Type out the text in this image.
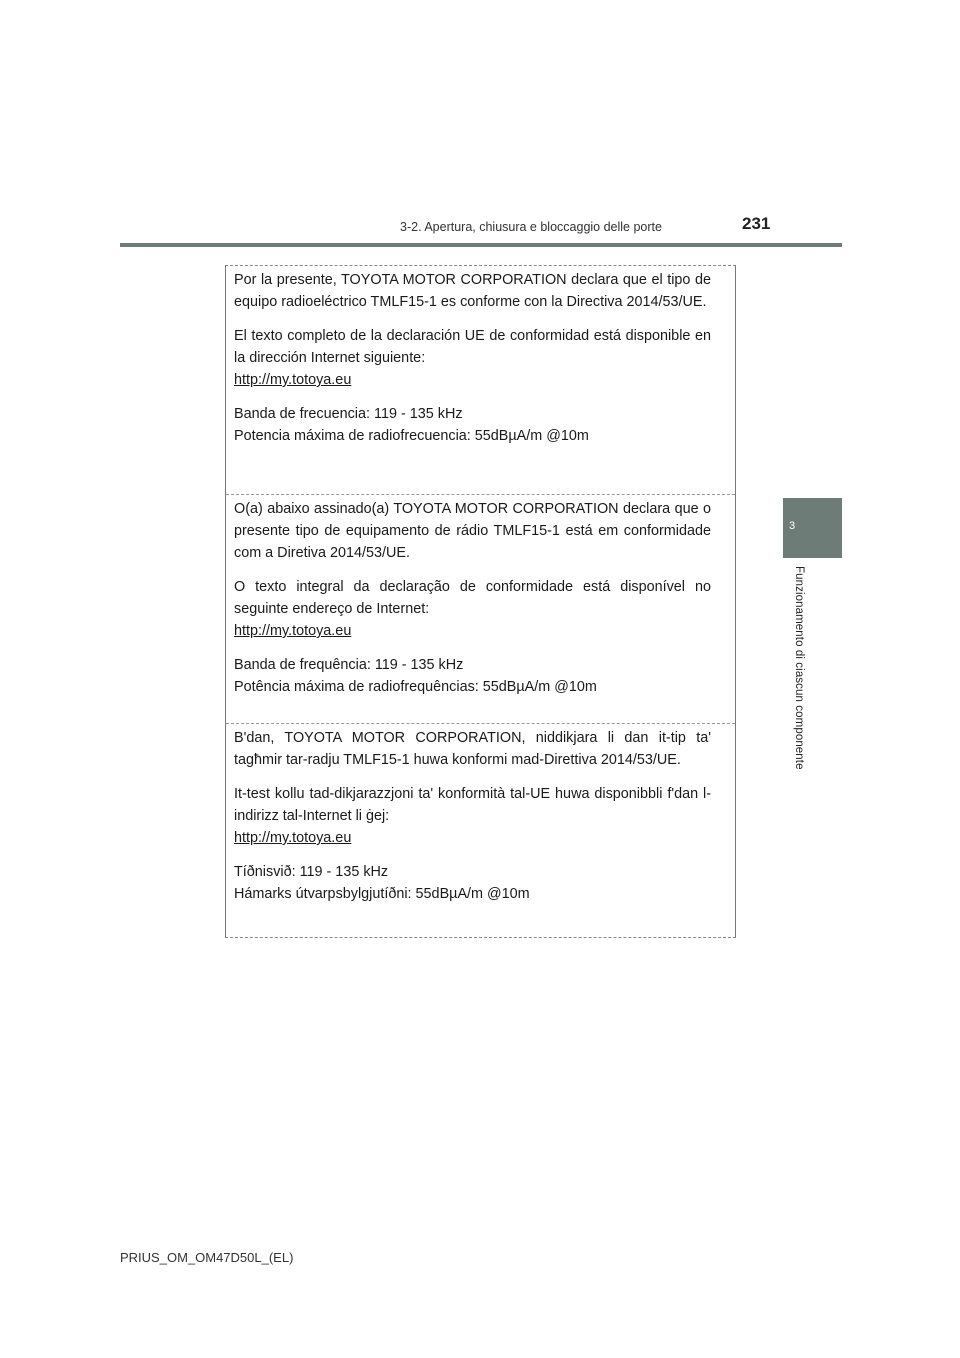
3-2. Apertura, chiusura e bloccaggio delle porte	231
3
Funzionamento di ciascun componente

Por la presente, TOYOTA MOTOR CORPORATION declara que el tipo de equipo radioeléctrico TMLF15-1 es conforme con la Directiva 2014/53/UE.

El texto completo de la declaración UE de conformidad está disponible en la dirección Internet siguiente:

http://my.totoya.eu

Banda de frecuencia: 119 - 135 kHz

Potencia máxima de radiofrecuencia: 55dBµA/m @10m

O(a) abaixo assinado(a) TOYOTA MOTOR CORPORATION declara que o presente tipo de equipamento de rádio TMLF15-1 está em conformidade com a Diretiva 2014/53/UE.

O texto integral da declaração de conformidade está disponível no seguinte endereço de Internet:

http://my.totoya.eu

Banda de frequência: 119 - 135 kHz

Potência máxima de radiofrequências: 55dBµA/m @10m

B'dan, TOYOTA MOTOR CORPORATION, niddikjara li dan it-tip ta' tagħmir tar-radju TMLF15-1 huwa konformi mad-Direttiva 2014/53/UE.

It-test kollu tad-dikjarazzjoni ta' konformità tal-UE huwa disponibbli f'dan l-indirizz tal-Internet li ġej:

http://my.totoya.eu

Tíðnisvið: 119 - 135 kHz

Hámarks útvarpsbylgjutíðni: 55dBµA/m @10m

PRIUS_OM_OM47D50L_(EL)
